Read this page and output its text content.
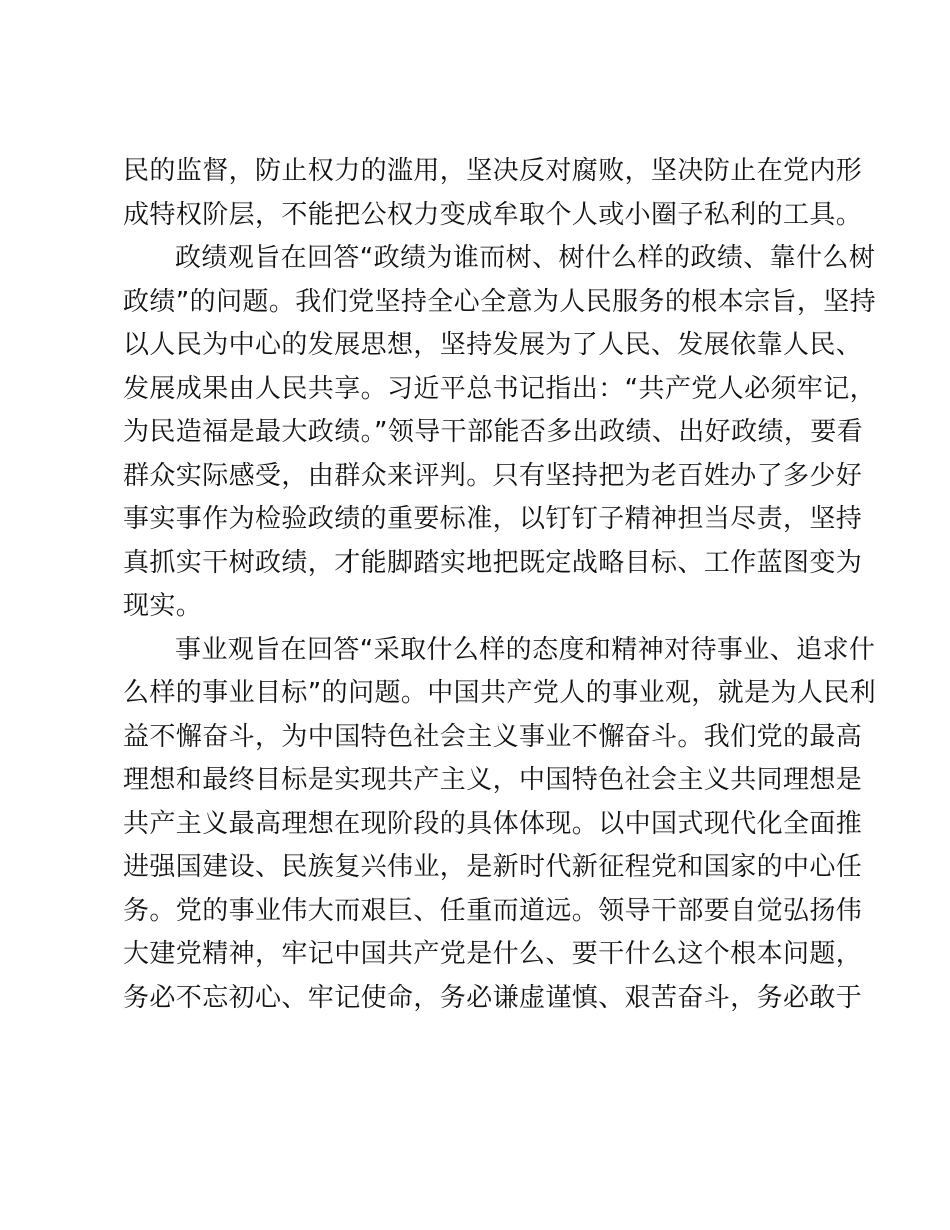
民的监督，防止权力的滥用，坚决反对腐败，坚决防止在党内形
成特权阶层，不能把公权力变成牟取个人或小圈子私利的工具。
政绩观旨在回答“政绩为谁而树、树什么样的政绩、靠什么树
政绩”的问题。我们党坚持全心全意为人民服务的根本宗旨，坚持
以人民为中心的发展思想，坚持发展为了人民、发展依靠人民、
发展成果由人民共享。习近平总书记指出：“共产党人必须牢记，
为民造福是最大政绩。”领导干部能否多出政绩、出好政绩，要看
群众实际感受，由群众来评判。只有坚持把为老百姓办了多少好
事实事作为检验政绩的重要标准，以钉钉子精神担当尽责，坚持
真抓实干树政绩，才能脚踏实地把既定战略目标、工作蓝图变为
现实。
事业观旨在回答“采取什么样的态度和精神对待事业、追求什
么样的事业目标”的问题。中国共产党人的事业观，就是为人民利
益不懈奋斗，为中国特色社会主义事业不懈奋斗。我们党的最高
理想和最终目标是实现共产主义，中国特色社会主义共同理想是
共产主义最高理想在现阶段的具体体现。以中国式现代化全面推
进强国建设、民族复兴伟业，是新时代新征程党和国家的中心任
务。党的事业伟大而艰巨、任重而道远。领导干部要自觉弘扬伟
大建党精神，牢记中国共产党是什么、要干什么这个根本问题，
务必不忘初心、牢记使命，务必谦虚谨慎、艰苦奋斗，务必敢于
